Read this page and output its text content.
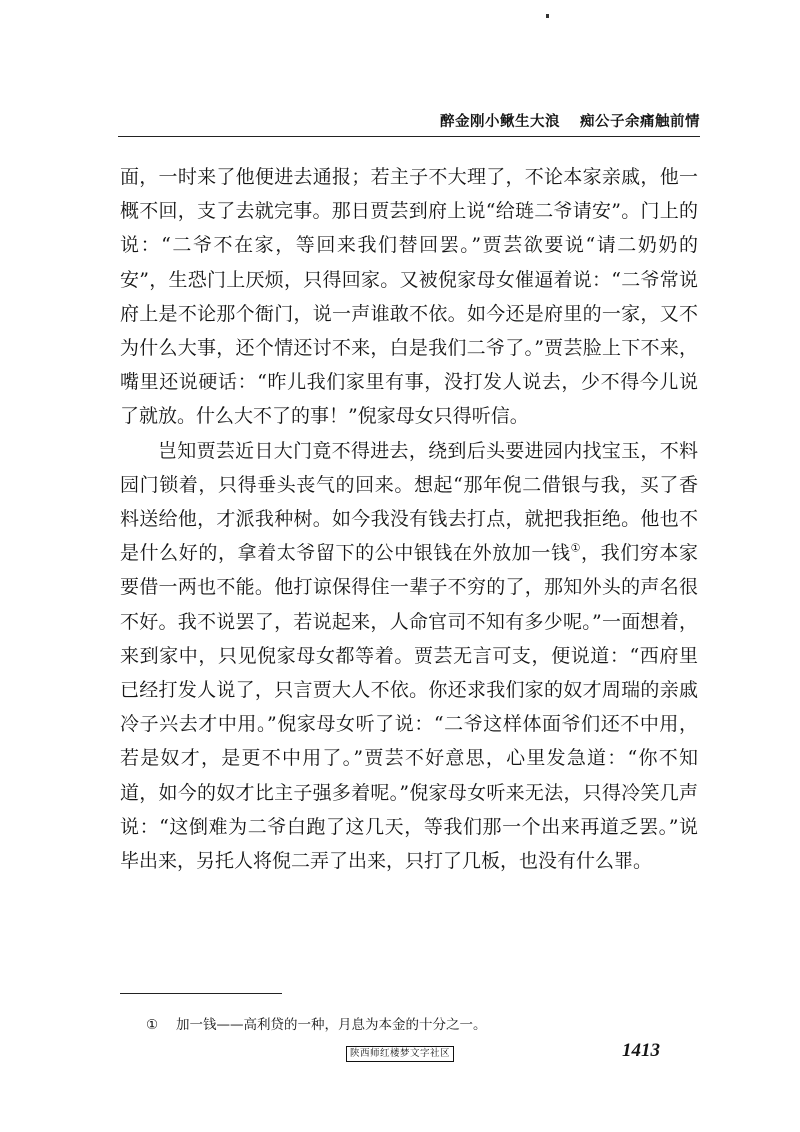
醉金刚小鳅生大浪 痴公子余痛触前情

面，一时来了他便进去通报；若主子不大理了，不论本家亲戚，他一概不回，支了去就完事。那日贾芸到府上说“给琏二爷请安”。门上的说：“二爷不在家，等回来我们替回罢。”贾芸欲要说“请二奶奶的安”，生恐门上厌烦，只得回家。又被倪家母女催逼着说：“二爷常说府上是不论那个衙门，说一声谁敢不依。如今还是府里的一家，又不为什么大事，还个情还讨不来，白是我们二爷了。”贾芸脸上下不来，嘴里还说硬话：“昨儿我们家里有事，没打发人说去，少不得今儿说了就放。什么大不了的事！”倪家母女只得听信。

岂知贾芸近日大门竟不得进去，绕到后头要进园内找宝玉，不料园门锁着，只得垂头丧气的回来。想起“那年倪二借银与我，买了香料送给他，才派我种树。如今我没有钱去打点，就把我拒绝。他也不是什么好的，拿着太爷留下的公中银钱在外放加一钱①，我们穷本家要借一两也不能。他打谅保得住一辈子不穷的了，那知外头的声名很不好。我不说罢了，若说起来，人命官司不知有多少呢。”一面想着，来到家中，只见倪家母女都等着。贾芸无言可支，便说道：“西府里已经打发人说了，只言贾大人不依。你还求我们家的奴才周瑞的亲戚冷子兴去才中用。”倪家母女听了说：“二爷这样体面爷们还不中用，若是奴才，是更不中用了。”贾芸不好意思，心里发急道：“你不知道，如今的奴才比主子强多着呢。”倪家母女听来无法，只得冷笑几声说：“这倒难为二爷白跑了这几天，等我们那一个出来再道乏罢。”说毕出来，另托人将倪二弄了出来，只打了几板，也没有什么罪。

① 加一钱——高利贷的一种，月息为本金的十分之一。
陕西师红楼梦文字社区	1413
